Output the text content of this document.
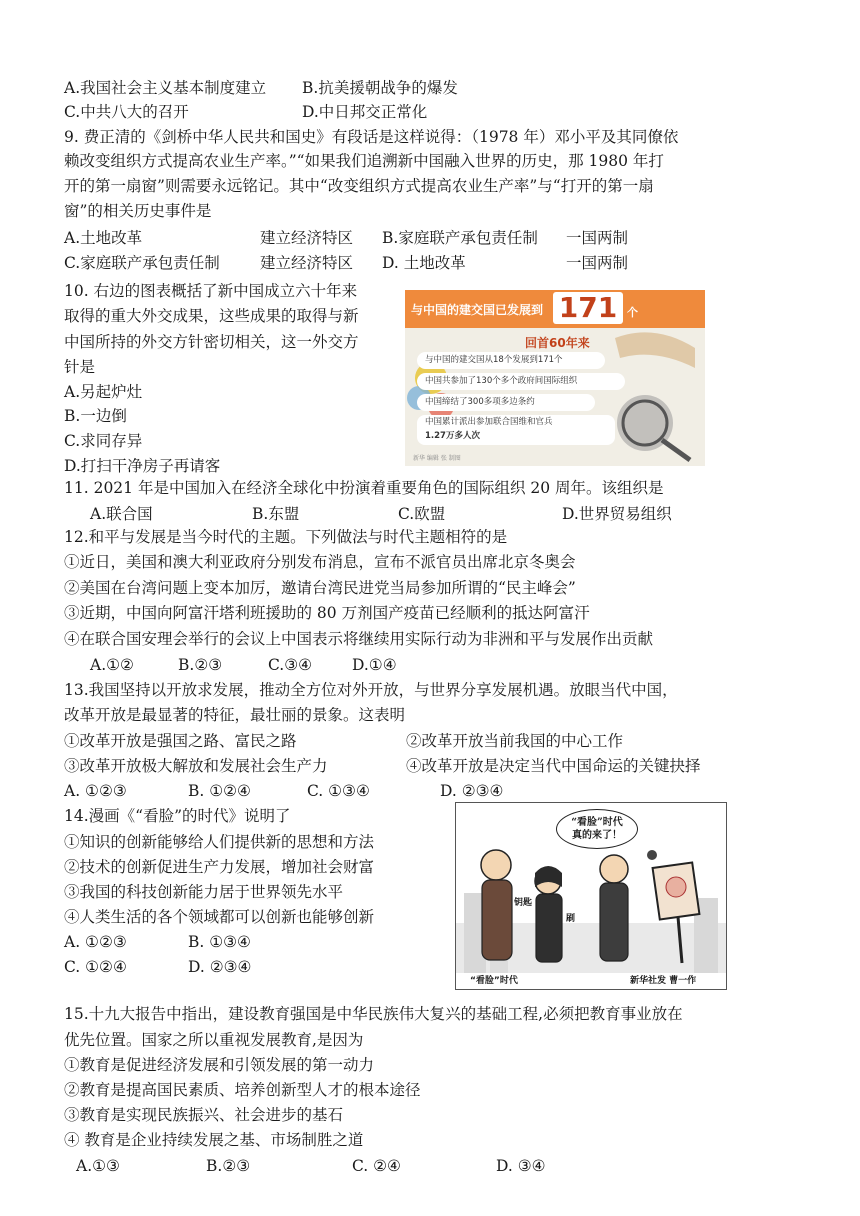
A.我国社会主义基本制度建立 B.抗美援朝战争的爆发
C.中共八大的召开	D.中日邦交正常化
9. 费正清的《剑桥中华人民共和国史》有段话是这样说得：（1978 年）邓小平及其同僚依
赖改变组织方式提高农业生产率。”“如果我们追溯新中国融入世界的历史，那 1980 年打
开的第一扇窗”则需要永远铭记。其中“改变组织方式提高农业生产率”与“打开的第一扇
窗”的相关历史事件是
A.土地改革	建立经济特区 B.家庭联产承包责任制 一国两制
C.家庭联产承包责任制	建立经济特区 D. 土地改革	一国两制
10. 右边的图表概括了新中国成立六十年来
取得的重大外交成果，这些成果的取得与新
中国所持的外交方针密切相关，这一外交方
针是
A.另起炉灶
B.一边倒
C.求同存异
D.打扫干净房子再请客
与中国的建交国已发展到 171 个
回首60年来
与中国的建交国从18个发展到171个
中国共参加了130个多个政府间国际组织
中国缔结了300多项多边条约
中国累计派出参加联合国维和官兵
1.27万多人次
新华 编辑 张 制图
11. 2021 年是中国加入在经济全球化中扮演着重要角色的国际组织 20 周年。该组织是
A.联合国	B.东盟	C.欧盟	D.世界贸易组织
12.和平与发展是当今时代的主题。下列做法与时代主题相符的是
①近日，美国和澳大利亚政府分别发布消息，宣布不派官员出席北京冬奥会
②美国在台湾问题上变本加厉，邀请台湾民进党当局参加所谓的“民主峰会”
③近期，中国向阿富汗塔利班援助的 80 万剂国产疫苗已经顺利的抵达阿富汗
④在联合国安理会举行的会议上中国表示将继续用实际行动为非洲和平与发展作出贡献
A.①②	B.②③	C.③④	D.①④
13.我国坚持以开放求发展，推动全方位对外开放，与世界分享发展机遇。放眼当代中国，
改革开放是最显著的特征，最壮丽的景象。这表明
①改革开放是强国之路、富民之路	②改革开放当前我国的中心工作
③改革开放极大解放和发展社会生产力	④改革开放是决定当代中国命运的关键抉择
A. ①②③	B. ①②④	C. ①③④	D. ②③④
14.漫画《“看脸”的时代》说明了
①知识的创新能够给人们提供新的思想和方法
②技术的创新促进生产力发展，增加社会财富
③我国的科技创新能力居于世界领先水平
④人类生活的各个领域都可以创新也能够创新
A. ①②③	B. ①③④
C. ①②④	D. ②③④
“看脸”时代
真的来了！
钥匙
刷
“看脸”时代	新华社发 曹一作
15.十九大报告中指出，建设教育强国是中华民族伟大复兴的基础工程,必须把教育事业放在
优先位置。国家之所以重视发展教育,是因为
①教育是促进经济发展和引领发展的第一动力
②教育是提高国民素质、培养创新型人才的根本途径
③教育是实现民族振兴、社会进步的基石
④ 教育是企业持续发展之基、市场制胜之道
A.①③	B.②③	C. ②④	D. ③④
